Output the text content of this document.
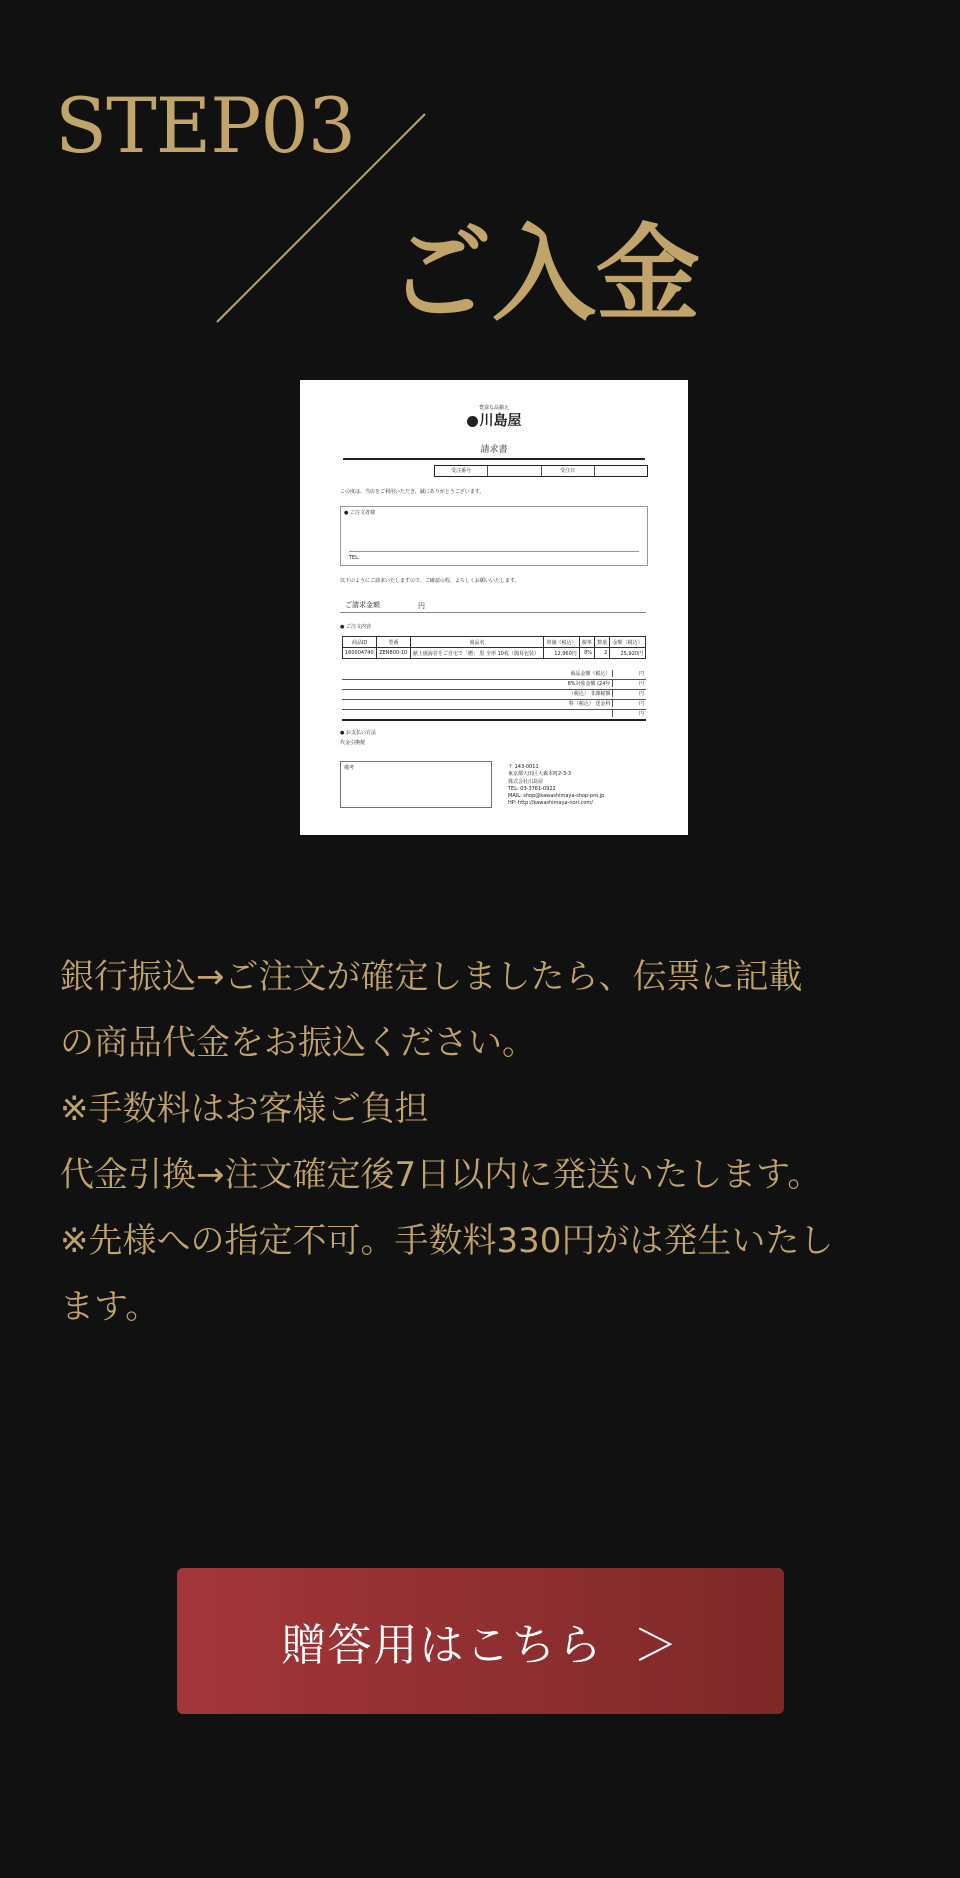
STEP03
ご入金
豊富な品揃え
川島屋
請求書
受注番号	受注日
この度は、当店をご利用いただき、誠にありがとうございます。
● ご注文者様
TEL:
以下のようにご請求いたしますので、ご確認の程、よろしくお願いいたします。
ご請求金額	円
● ご注文内容
商品ID	型番	商品名	単価（税込）	税率	数量	金額（税込）
160004740	ZEN800-10	献上焼海苔をご自宅で「贈」 黒 全形 10枚（簡易包装）	12,960円	8%	2	25,920円
商品金額（税込）	円
8%対象金額 (24年	円
（税込） 非課税額	円
料（税込） 送金料	円
円
● お支払い方法
代金引換便
備考	〒 143-0011
東京都大田区大森本町2-3-3
株式会社川島屋
TEL: 03-3761-0922
MAIL: shop@kawashimaya-shop-pro.jp
HP: http://kawashimaya-nori.com/

銀行振込→ご注文が確定しましたら、伝票に記載

の商品代金をお振込ください。

※手数料はお客様ご負担

代金引換→注文確定後7日以内に発送いたします。

※先様への指定不可。手数料330円がは発生いたし

ます。

贈答用はこちら ＞
